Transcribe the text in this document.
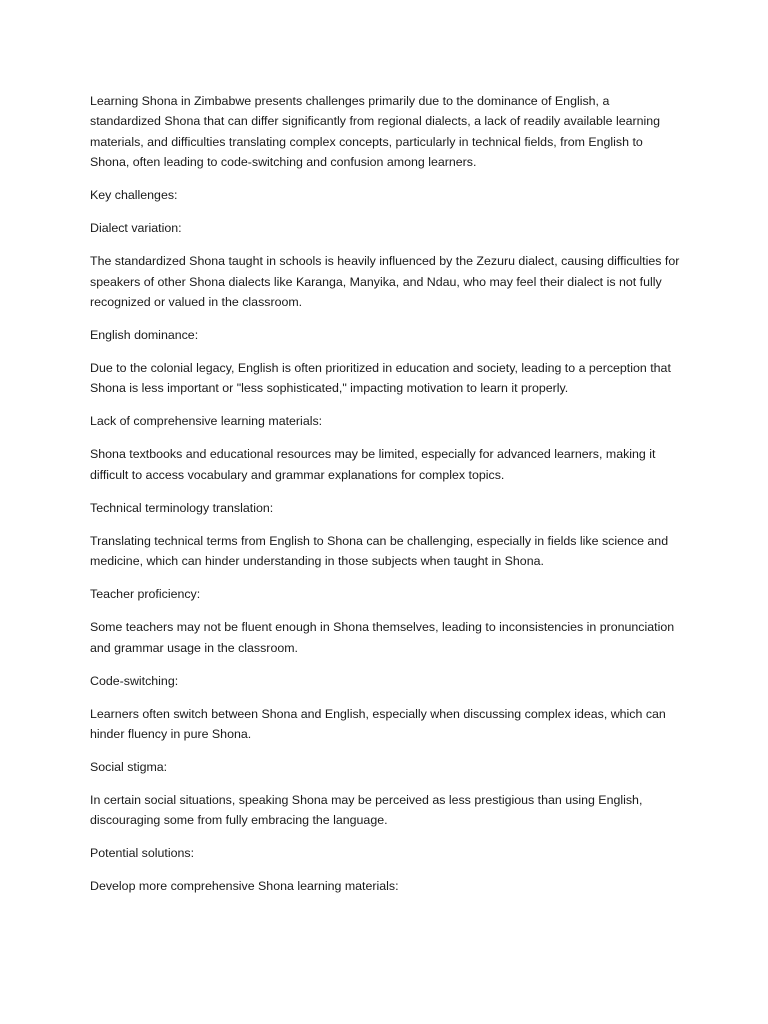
Learning Shona in Zimbabwe presents challenges primarily due to the dominance of English, a standardized Shona that can differ significantly from regional dialects, a lack of readily available learning materials, and difficulties translating complex concepts, particularly in technical fields, from English to Shona, often leading to code-switching and confusion among learners.

Key challenges:

Dialect variation:

The standardized Shona taught in schools is heavily influenced by the Zezuru dialect, causing difficulties for speakers of other Shona dialects like Karanga, Manyika, and Ndau, who may feel their dialect is not fully recognized or valued in the classroom.

English dominance:

Due to the colonial legacy, English is often prioritized in education and society, leading to a perception that Shona is less important or "less sophisticated," impacting motivation to learn it properly.

Lack of comprehensive learning materials:

Shona textbooks and educational resources may be limited, especially for advanced learners, making it difficult to access vocabulary and grammar explanations for complex topics.

Technical terminology translation:

Translating technical terms from English to Shona can be challenging, especially in fields like science and medicine, which can hinder understanding in those subjects when taught in Shona.

Teacher proficiency:

Some teachers may not be fluent enough in Shona themselves, leading to inconsistencies in pronunciation and grammar usage in the classroom.

Code-switching:

Learners often switch between Shona and English, especially when discussing complex ideas, which can hinder fluency in pure Shona.

Social stigma:

In certain social situations, speaking Shona may be perceived as less prestigious than using English, discouraging some from fully embracing the language.

Potential solutions:

Develop more comprehensive Shona learning materials:
